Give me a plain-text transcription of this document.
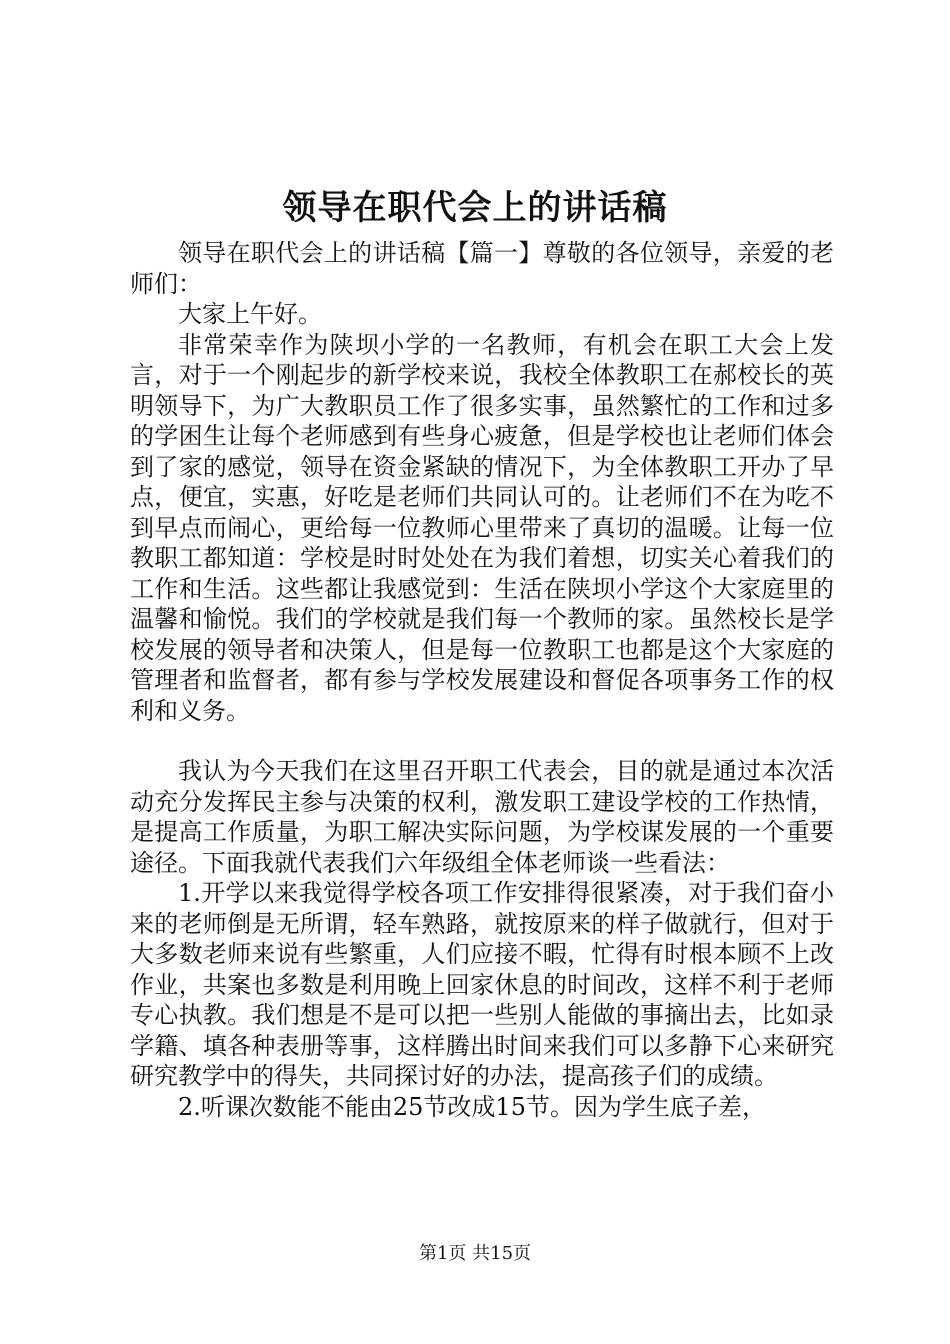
领导在职代会上的讲话稿

领导在职代会上的讲话稿【篇一】尊敬的各位领导，亲爱的老师们：

大家上午好。

非常荣幸作为陕坝小学的一名教师，有机会在职工大会上发言，对于一个刚起步的新学校来说，我校全体教职工在郝校长的英明领导下，为广大教职员工作了很多实事，虽然繁忙的工作和过多的学困生让每个老师感到有些身心疲惫，但是学校也让老师们体会到了家的感觉，领导在资金紧缺的情况下，为全体教职工开办了早点，便宜，实惠，好吃是老师们共同认可的。让老师们不在为吃不到早点而闹心，更给每一位教师心里带来了真切的温暖。让每一位教职工都知道：学校是时时处处在为我们着想，切实关心着我们的工作和生活。这些都让我感觉到：生活在陕坝小学这个大家庭里的温馨和愉悦。我们的学校就是我们每一个教师的家。虽然校长是学校发展的领导者和决策人，但是每一位教职工也都是这个大家庭的管理者和监督者，都有参与学校发展建设和督促各项事务工作的权利和义务。

我认为今天我们在这里召开职工代表会，目的就是通过本次活动充分发挥民主参与决策的权利，激发职工建设学校的工作热情，是提高工作质量，为职工解决实际问题，为学校谋发展的一个重要途径。下面我就代表我们六年级组全体老师谈一些看法：

1.开学以来我觉得学校各项工作安排得很紧凑，对于我们奋小来的老师倒是无所谓，轻车熟路，就按原来的样子做就行，但对于大多数老师来说有些繁重，人们应接不暇，忙得有时根本顾不上改作业，共案也多数是利用晚上回家休息的时间改，这样不利于老师专心执教。我们想是不是可以把一些别人能做的事摘出去，比如录学籍、填各种表册等事，这样腾出时间来我们可以多静下心来研究研究教学中的得失，共同探讨好的办法，提高孩子们的成绩。

2.听课次数能不能由25节改成15节。因为学生底子差，

第1页 共15页
